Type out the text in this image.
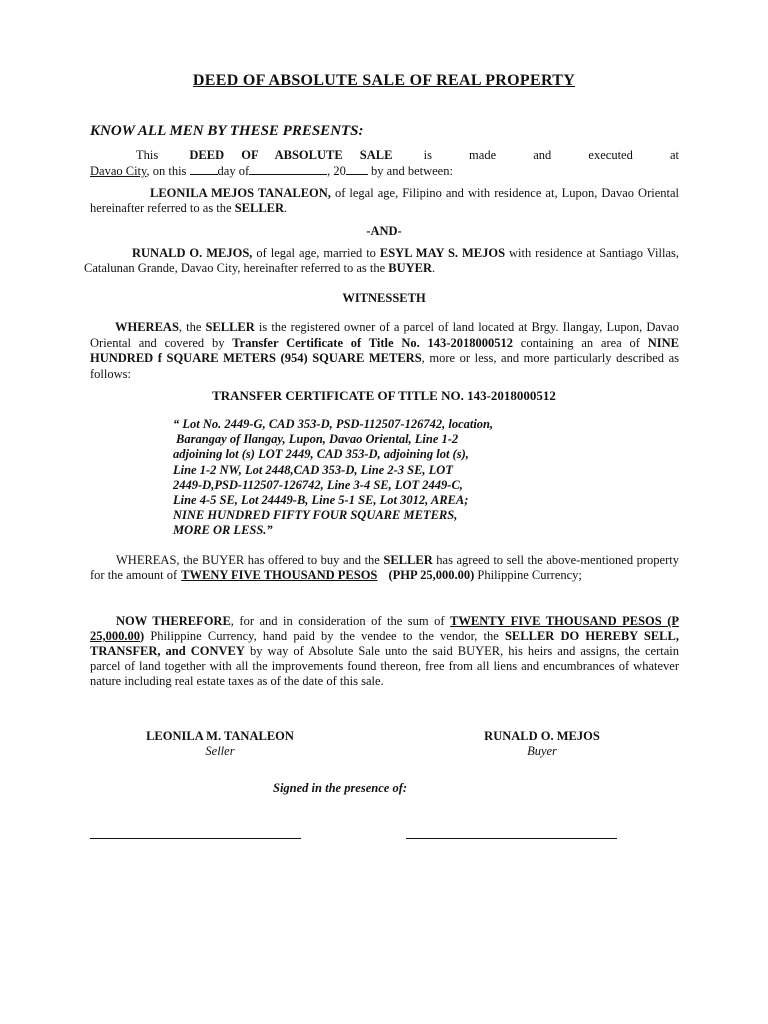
DEED OF ABSOLUTE SALE OF REAL PROPERTY
KNOW ALL MEN BY THESE PRESENTS:
This DEED OF ABSOLUTE SALE is made and executed at
Davao City, on this day of	, 20 by and between:
LEONILA MEJOS TANALEON, of legal age, Filipino and with residence at, Lupon, Davao Oriental hereinafter referred to as the SELLER.
-AND-
RUNALD O. MEJOS, of legal age, married to ESYL MAY S. MEJOS with residence at Santiago Villas, Catalunan Grande, Davao City, hereinafter referred to as the BUYER.
WITNESSETH
WHEREAS, the SELLER is the registered owner of a parcel of land located at Brgy. Ilangay, Lupon, Davao Oriental and covered by Transfer Certificate of Title No. 143-2018000512 containing an area of NINE HUNDRED f SQUARE METERS (954) SQUARE METERS, more or less, and more particularly described as follows:
TRANSFER CERTIFICATE OF TITLE NO. 143-2018000512
“ Lot No. 2449-G, CAD 353-D, PSD-112507-126742, location,
Barangay of Ilangay, Lupon, Davao Oriental, Line 1-2
adjoining lot (s) LOT 2449, CAD 353-D, adjoining lot (s),
Line 1-2 NW, Lot 2448,CAD 353-D, Line 2-3 SE, LOT
2449-D,PSD-112507-126742, Line 3-4 SE, LOT 2449-C,
Line 4-5 SE, Lot 24449-B, Line 5-1 SE, Lot 3012, AREA;
NINE HUNDRED FIFTY FOUR SQUARE METERS,
MORE OR LESS.”
WHEREAS, the BUYER has offered to buy and the SELLER has agreed to sell the above-mentioned property for the amount of TWENY FIVE THOUSAND PESOS (PHP 25,000.00) Philippine Currency;
NOW THEREFORE, for and in consideration of the sum of TWENTY FIVE THOUSAND PESOS (P 25,000.00) Philippine Currency, hand paid by the vendee to the vendor, the SELLER DO HEREBY SELL, TRANSFER, and CONVEY by way of Absolute Sale unto the said BUYER, his heirs and assigns, the certain parcel of land together with all the improvements found thereon, free from all liens and encumbrances of whatever nature including real estate taxes as of the date of this sale.
LEONILA M. TANALEON
Seller
RUNALD O. MEJOS
Buyer
Signed in the presence of:
